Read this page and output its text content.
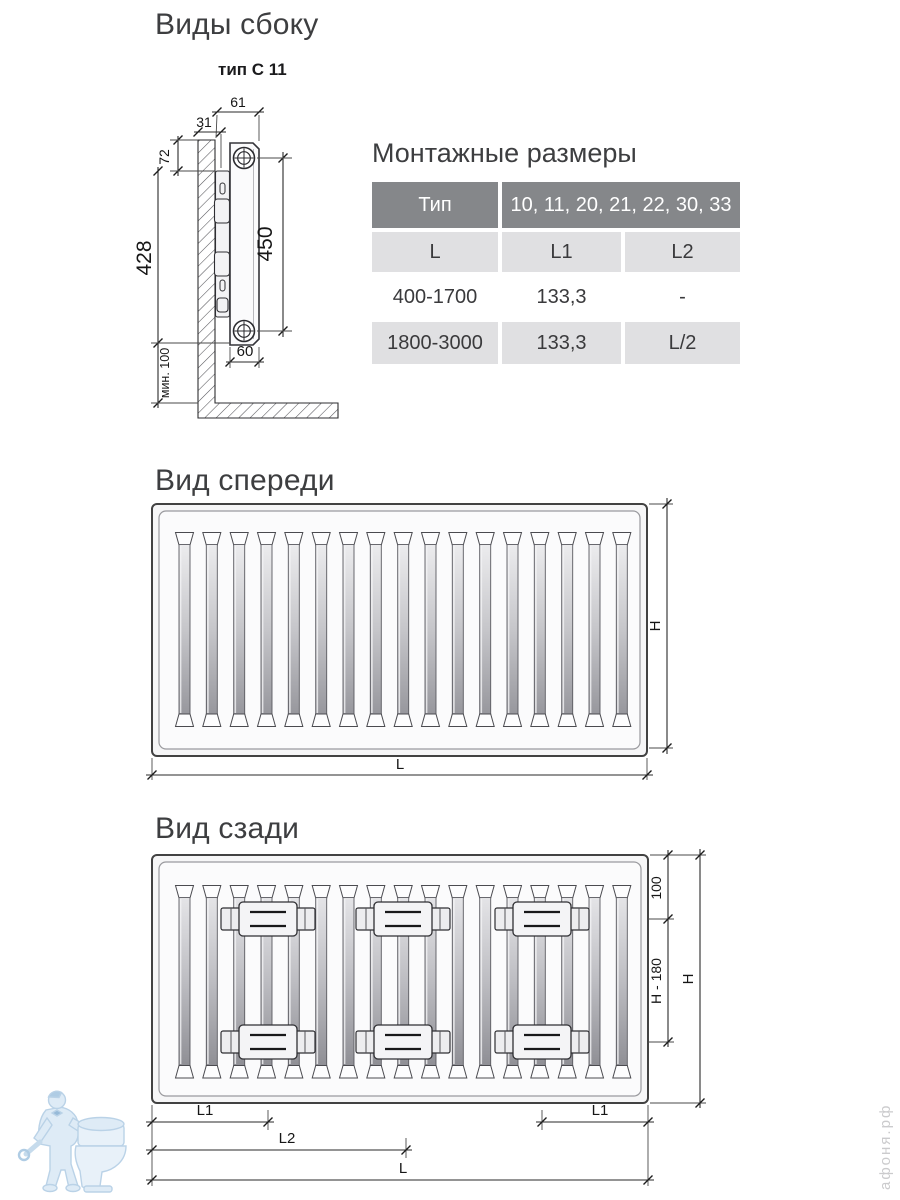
Виды сбоку
тип С 11
61
31
72
428
мин. 100
450
60
Монтажные размеры
Тип	10, 11, 20, 21, 22, 30, 33
L	L1	L2
400-1700	133,3	-
1800-3000	133,3	L/2
Вид спереди
H
L
Вид сзади
100
H - 180 H
L1	L1
L2
L	афоня.рф
